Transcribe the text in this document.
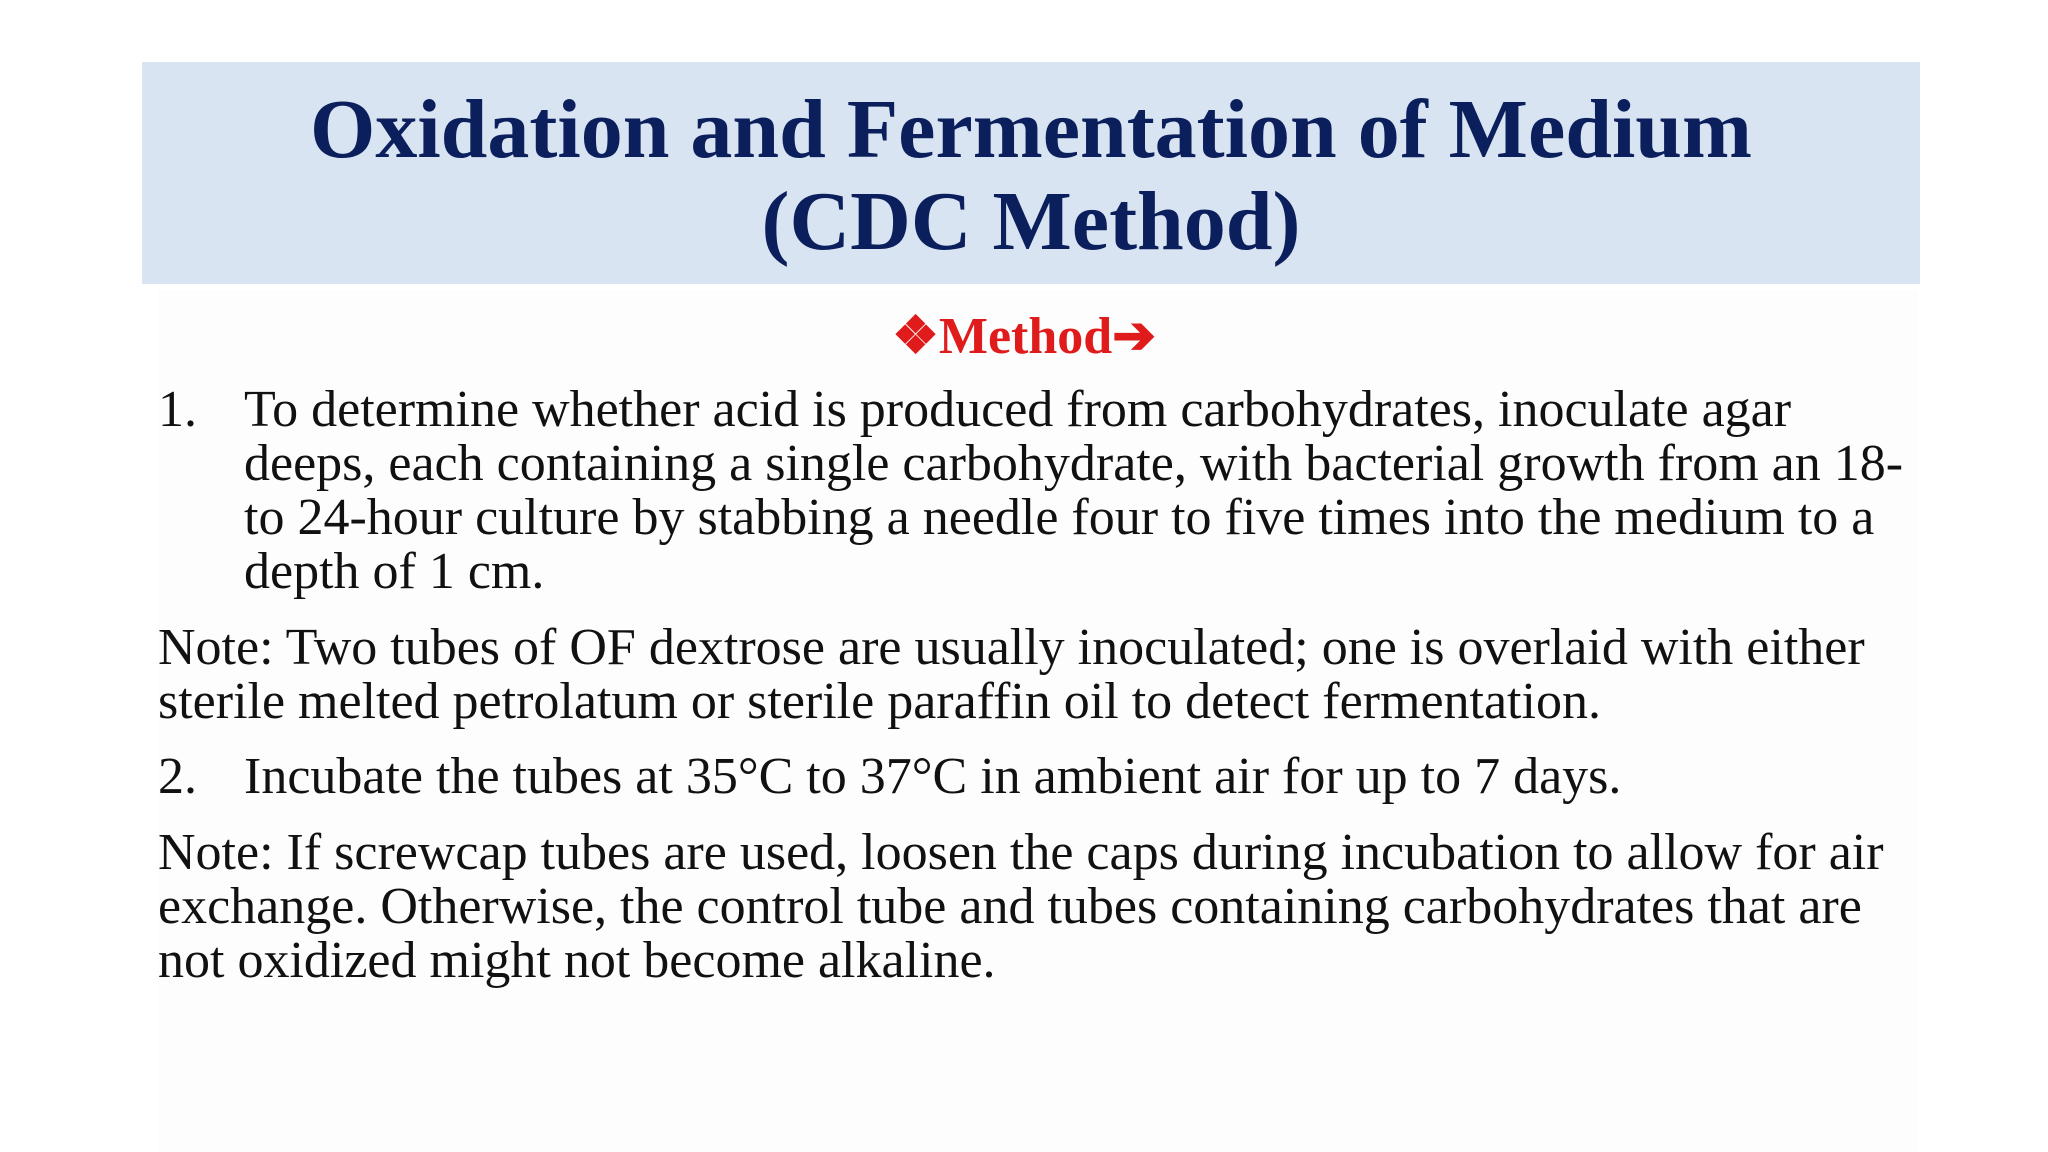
Oxidation and Fermentation of Medium
(CDC Method)
❖Method➔
1. To determine whether acid is produced from carbohydrates, inoculate agar deeps, each containing a single carbohydrate, with bacterial growth from an 18- to 24-hour culture by stabbing a needle four to five times into the medium to a depth of 1 cm.

Note: Two tubes of OF dextrose are usually inoculated; one is overlaid with either sterile melted petrolatum or sterile paraffin oil to detect fermentation.

2. Incubate the tubes at 35°C to 37°C in ambient air for up to 7 days.

Note: If screwcap tubes are used, loosen the caps during incubation to allow for air exchange. Otherwise, the control tube and tubes containing carbohydrates that are not oxidized might not become alkaline.
